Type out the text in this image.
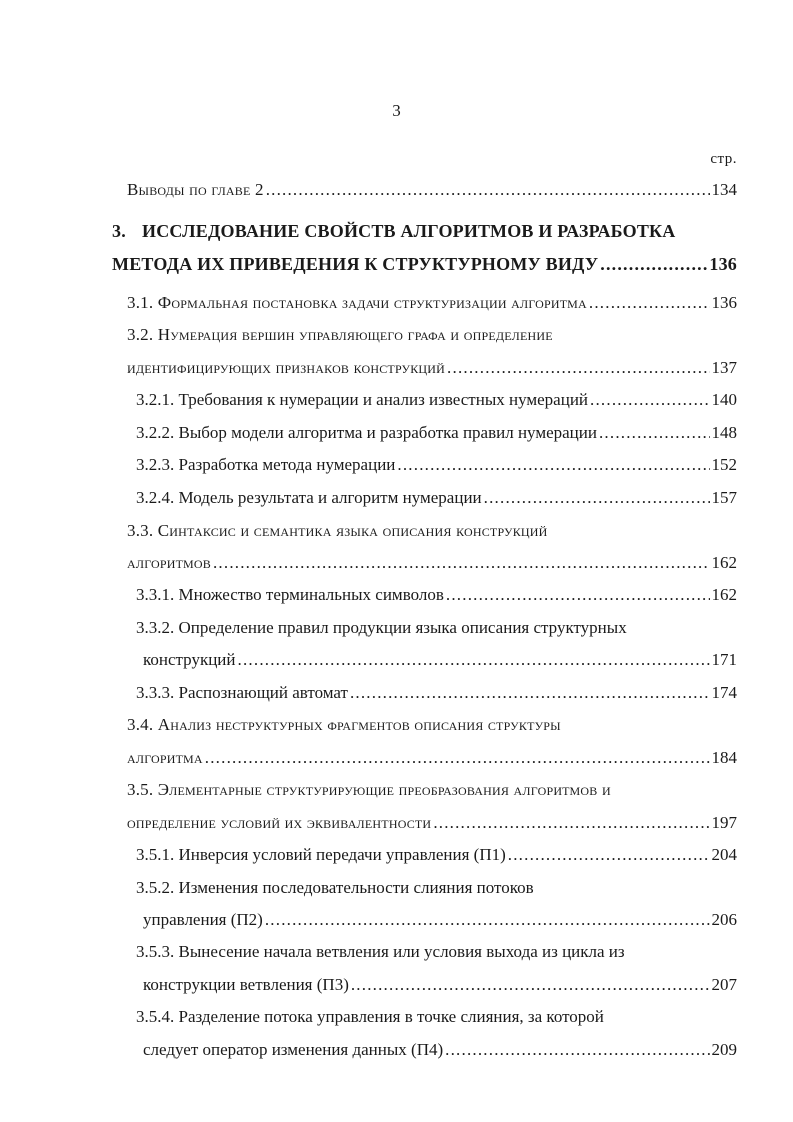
3
стр.
Выводы по главе 2 .....	134
3. ИССЛЕДОВАНИЕ СВОЙСТВ АЛГОРИТМОВ И РАЗРАБОТКА
МЕТОДА ИХ ПРИВЕДЕНИЯ К СТРУКТУРНОМУ ВИДУ .....	136
3.1. Формальная постановка задачи структуризации алгоритма .....	136
3.2. Нумерация вершин управляющего графа и определение
идентифицирующих признаков конструкций .....	137
3.2.1. Требования к нумерации и анализ известных нумераций .....	140
3.2.2. Выбор модели алгоритма и разработка правил нумерации .....	148
3.2.3. Разработка метода нумерации .....	152
3.2.4. Модель результата и алгоритм нумерации .....	157
3.3. Синтаксис и семантика языка описания конструкций
алгоритмов .....	162
3.3.1. Множество терминальных символов .....	162
3.3.2. Определение правил продукции языка описания структурных
конструкций .....	171
3.3.3. Распознающий автомат .....	174
3.4. Анализ неструктурных фрагментов описания структуры
алгоритма .....	184
3.5. Элементарные структурирующие преобразования алгоритмов и
определение условий их эквивалентности .....	197
3.5.1. Инверсия условий передачи управления (П1) .....	204
3.5.2. Изменения последовательности слияния потоков
управления (П2) .....	206
3.5.3. Вынесение начала ветвления или условия выхода из цикла из
конструкции ветвления (П3) .....	207
3.5.4. Разделение потока управления в точке слияния, за которой
следует оператор изменения данных (П4) .....	209
